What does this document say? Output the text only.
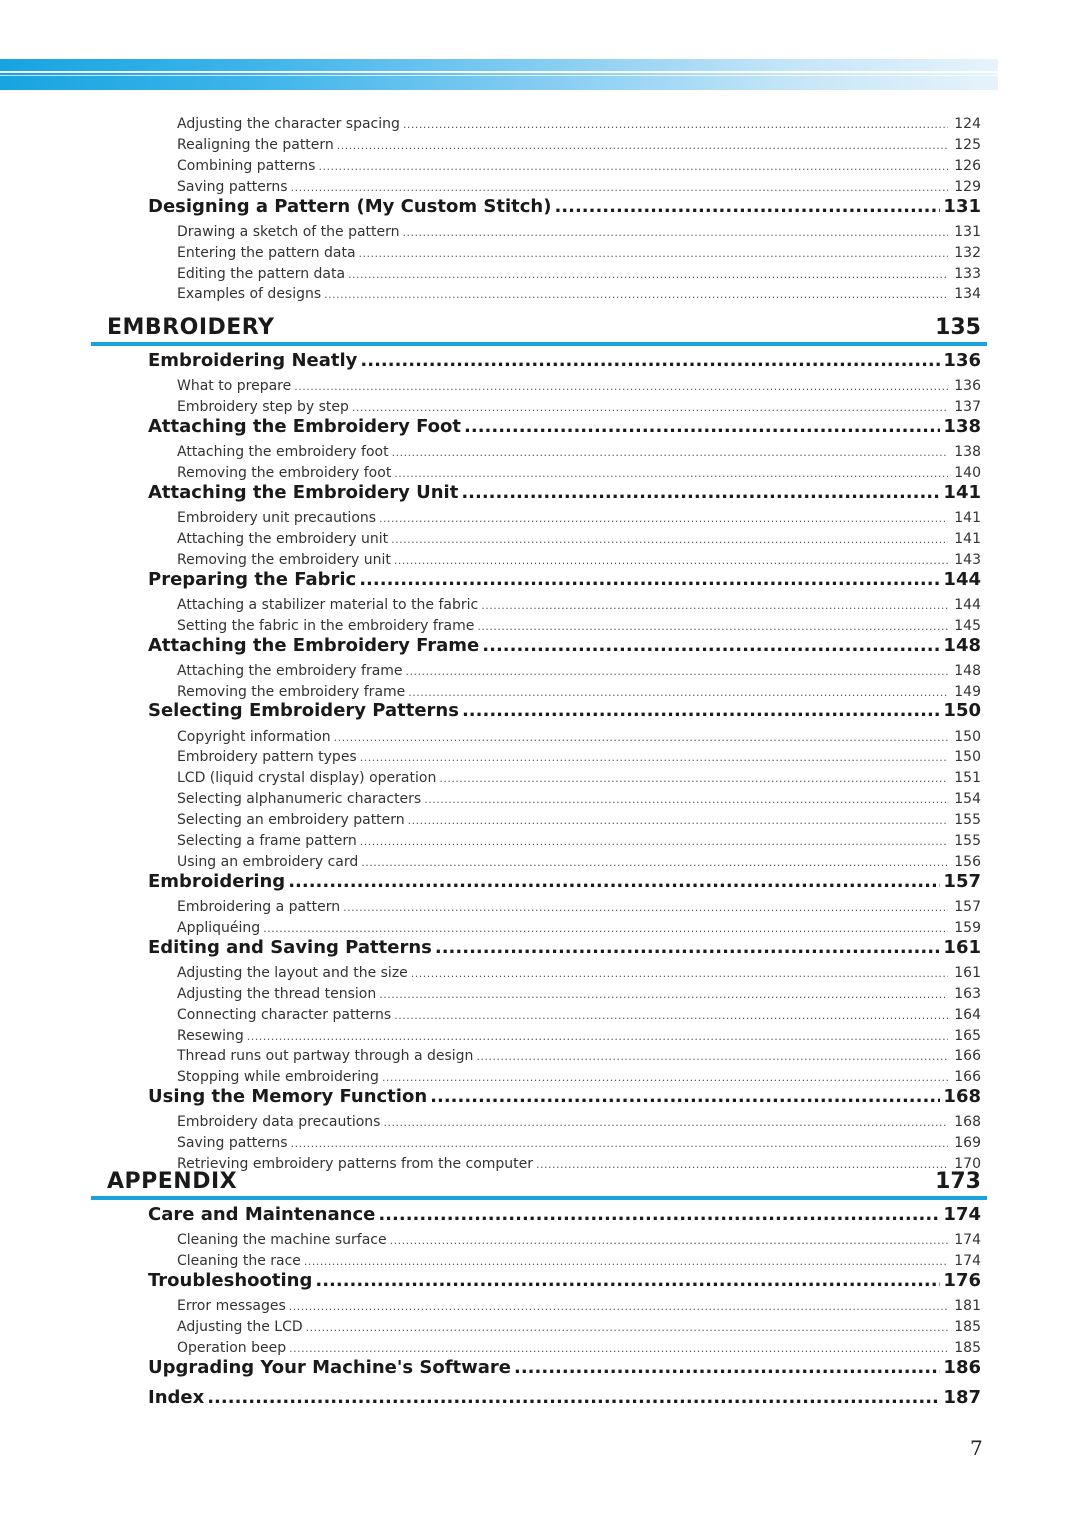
Adjusting the character spacing .....	124
Realigning the pattern .....	125
Combining patterns .....	126
Saving patterns .....	129
Designing a Pattern (My Custom Stitch) .....	131
Drawing a sketch of the pattern .....	131
Entering the pattern data .....	132
Editing the pattern data .....	133
Examples of designs .....	134
EMBROIDERY	135
Embroidering Neatly .....	136
What to prepare .....	136
Embroidery step by step .....	137
Attaching the Embroidery Foot .....	138
Attaching the embroidery foot .....	138
Removing the embroidery foot .....	140
Attaching the Embroidery Unit .....	141
Embroidery unit precautions .....	141
Attaching the embroidery unit .....	141
Removing the embroidery unit .....	143
Preparing the Fabric .....	144
Attaching a stabilizer material to the fabric .....	144
Setting the fabric in the embroidery frame .....	145
Attaching the Embroidery Frame .....	148
Attaching the embroidery frame .....	148
Removing the embroidery frame .....	149
Selecting Embroidery Patterns .....	150
Copyright information .....	150
Embroidery pattern types .....	150
LCD (liquid crystal display) operation .....	151
Selecting alphanumeric characters .....	154
Selecting an embroidery pattern .....	155
Selecting a frame pattern .....	155
Using an embroidery card .....	156
Embroidering .....	157
Embroidering a pattern .....	157
Appliquéing .....	159
Editing and Saving Patterns .....	161
Adjusting the layout and the size .....	161
Adjusting the thread tension .....	163
Connecting character patterns .....	164
Resewing .....	165
Thread runs out partway through a design .....	166
Stopping while embroidering .....	166
Using the Memory Function .....	168
Embroidery data precautions .....	168
Saving patterns .....	169
Retrieving embroidery patterns from the computer .....	170
APPENDIX	173
Care and Maintenance .....	174
Cleaning the machine surface .....	174
Cleaning the race .....	174
Troubleshooting .....	176
Error messages .....	181
Adjusting the LCD .....	185
Operation beep .....	185
Upgrading Your Machine's Software .....	186
Index .....	187
7
